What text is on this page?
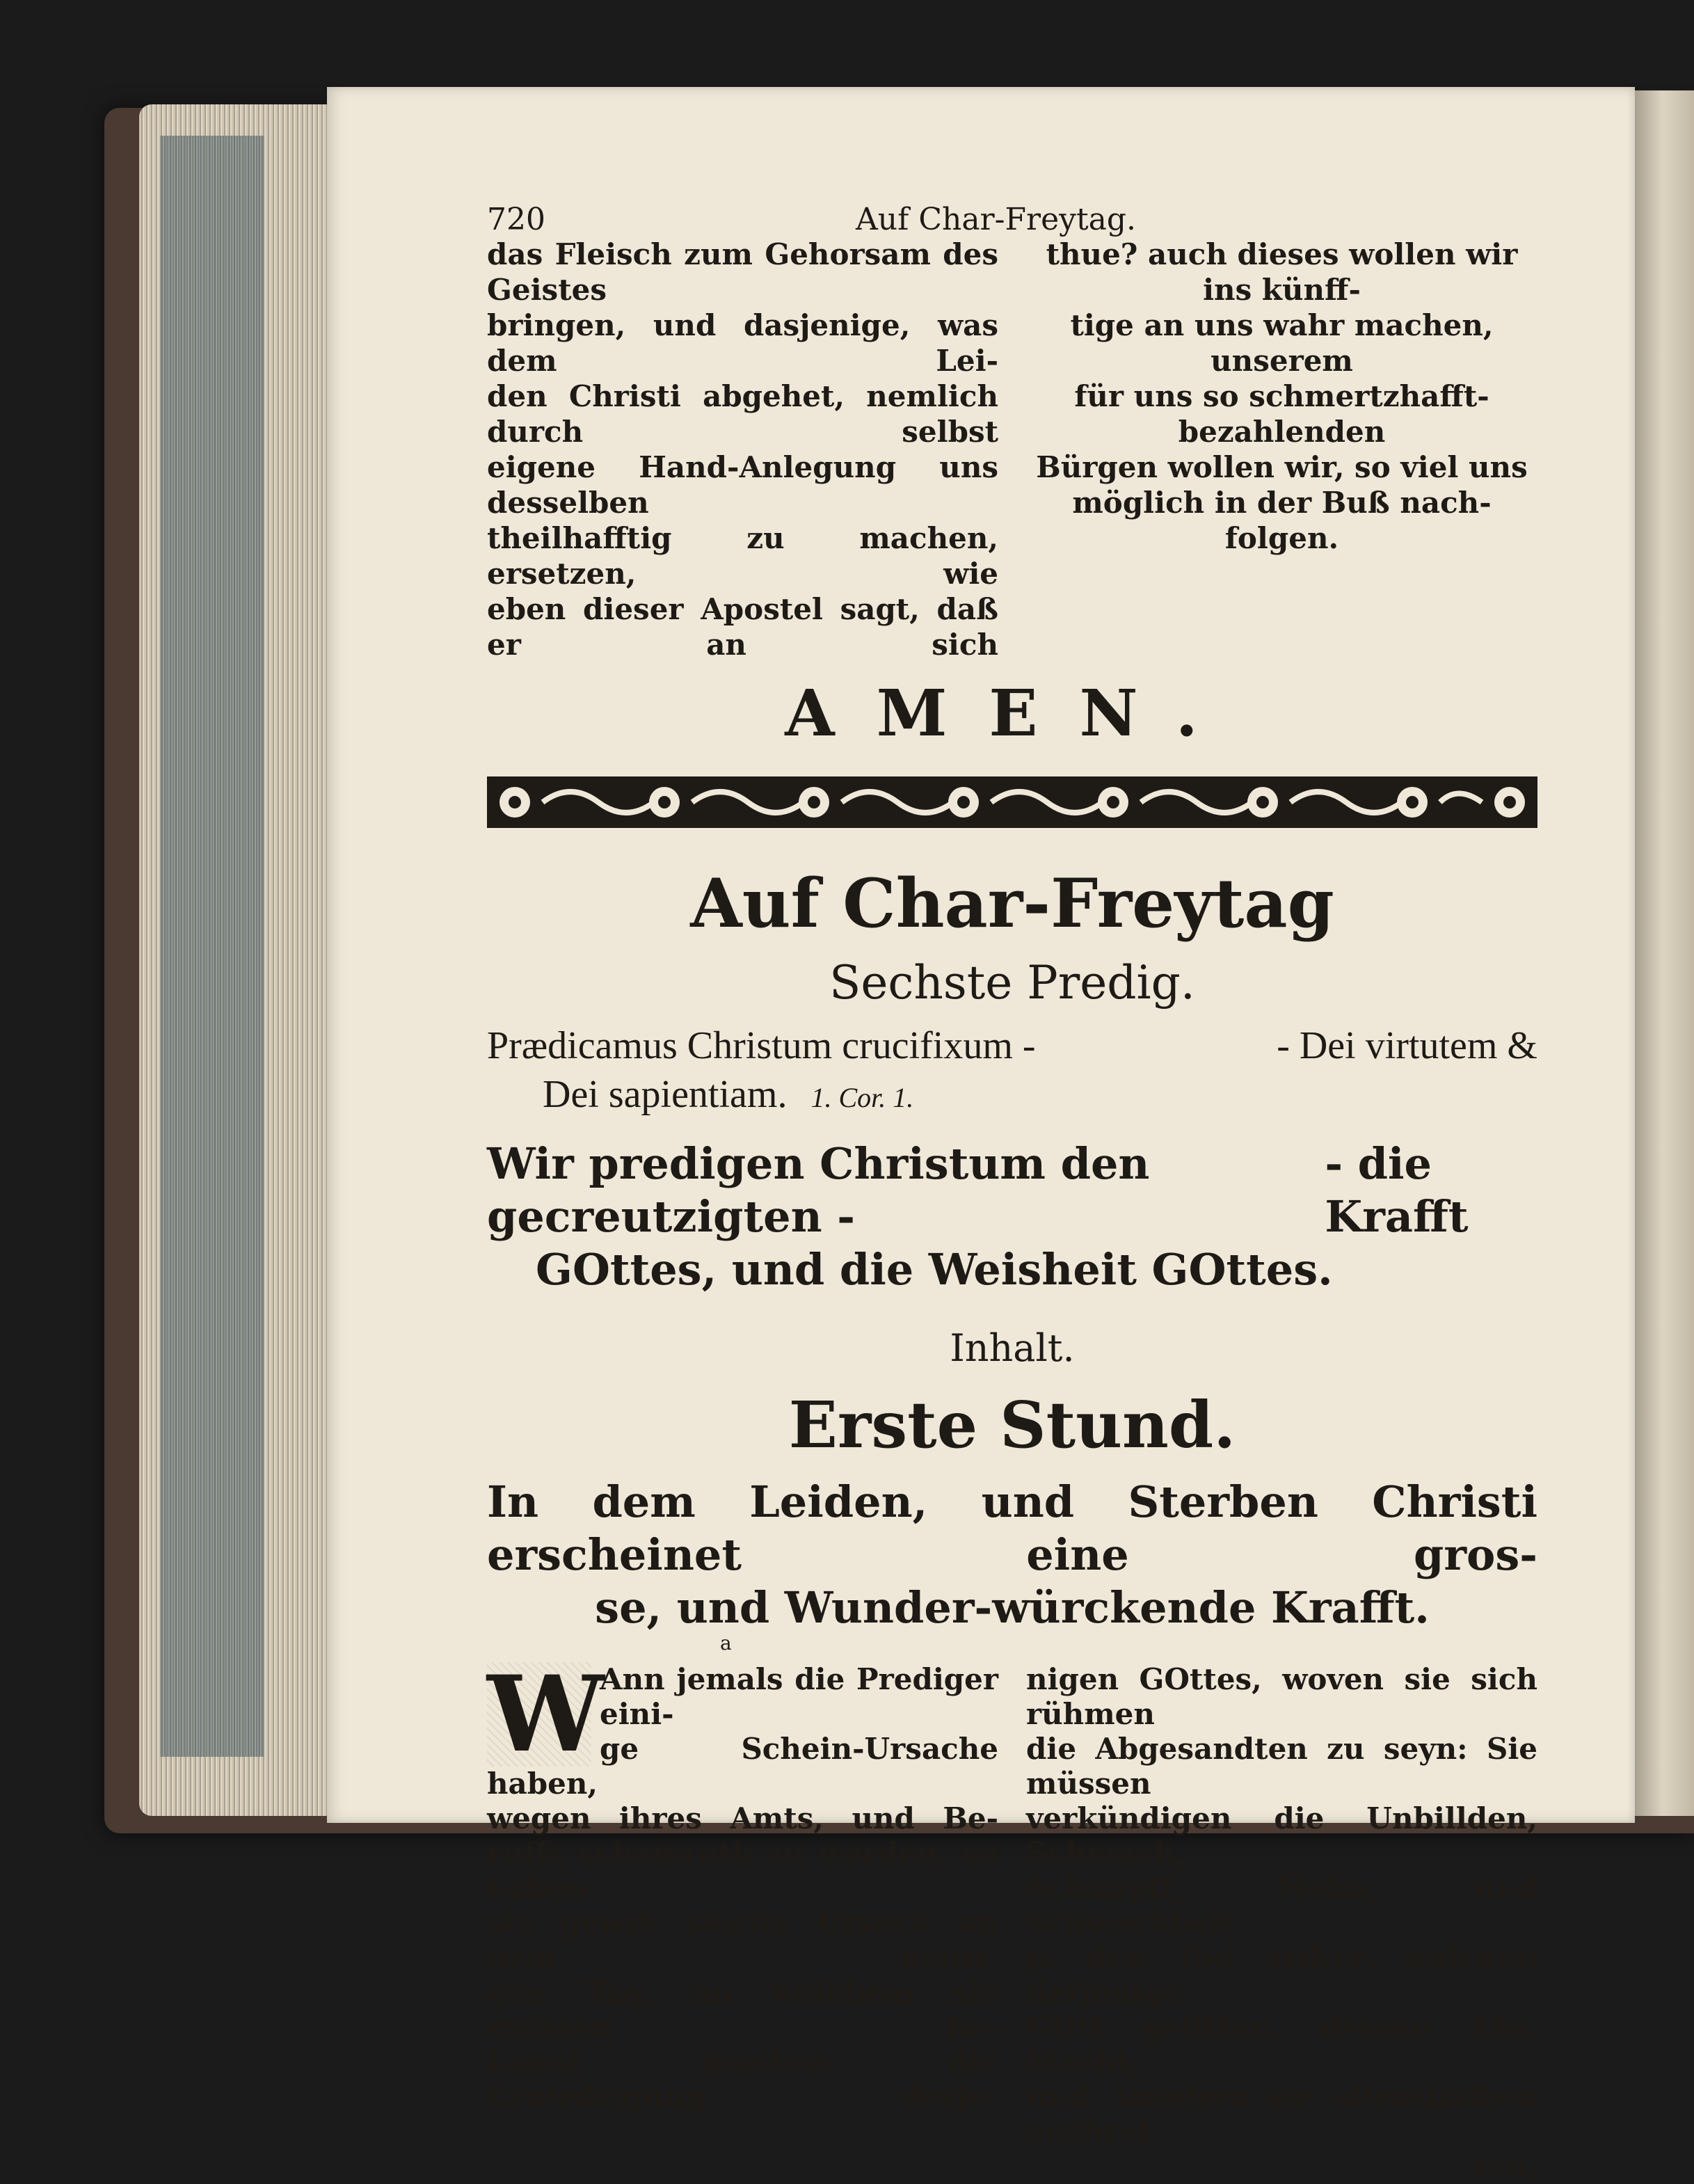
720	Auf Char-Freytag.

das Fleisch zum Gehorsam des Geistes

bringen, und dasjenige, was dem Lei-

den Christi abgehet, nemlich durch selbst

eigene Hand-Anlegung uns desselben

theilhafftig zu machen, ersetzen, wie

eben dieser Apostel sagt, daß er an sich

thue? auch dieses wollen wir ins künff-

tige an uns wahr machen, unserem

für uns so schmertzhafft-bezahlenden

Bürgen wollen wir, so viel uns

möglich in der Buß nach-

folgen.

AMEN.
Auf Char-Freytag
Sechste Predig.
Prædicamus Christum crucifixum -	- Dei virtutem &
Dei sapientiam. 1. Cor. 1.
Wir predigen Christum den gecreutzigten -
- die Krafft
GOttes, und die Weisheit GOttes.
Inhalt.
Erste Stund.
In dem Leiden, und Sterben Christi erscheinet eine gros-
se, und Wunder-würckende Krafft.
W

Ann jemals die Prediger eini-

ge Schein-Ursache haben,

wegen ihres Amts, und Be-

ruffs schamroth zu werden, so haben

sie gewiß solche Ursach an dem heuti-

gen Tag, an welchem sie müssen be-

kannt machen die Erniedrigung desje-

nigen GOttes, woven sie sich rühmen

die Abgesandten zu seyn: Sie müssen

verkündigen die Unbillden, Schmach,

Schimpff, Hohn, und Schwachheit,

ja den Tod selber, welchen derjenige

GOtt gelitten, dessen Ehr, Macht,

und Ansehen sie allenthalben ausbrei-

ten,
a
